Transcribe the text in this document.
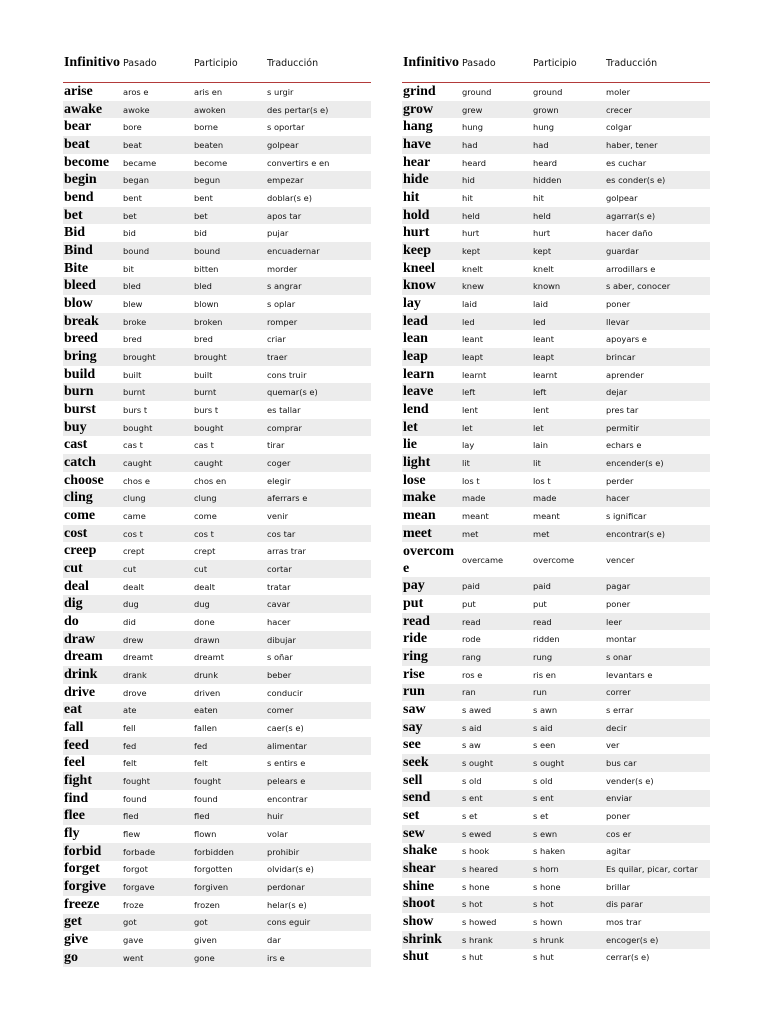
Infinitivo	Pasado	Participio	Traducción
arise	aros e	aris en	s urgir
awake	awoke	awoken	des pertar(s e)
bear	bore	borne	s oportar
beat	beat	beaten	golpear
become	became	become	convertirs e en
begin	began	begun	empezar
bend	bent	bent	doblar(s e)
bet	bet	bet	apos tar
Bid	bid	bid	pujar
Bind	bound	bound	encuadernar
Bite	bit	bitten	morder
bleed	bled	bled	s angrar
blow	blew	blown	s oplar
break	broke	broken	romper
breed	bred	bred	criar
bring	brought	brought	traer
build	built	built	cons truir
burn	burnt	burnt	quemar(s e)
burst	burs t	burs t	es tallar
buy	bought	bought	comprar
cast	cas t	cas t	tirar
catch	caught	caught	coger
choose	chos e	chos en	elegir
cling	clung	clung	aferrars e
come	came	come	venir
cost	cos t	cos t	cos tar
creep	crept	crept	arras trar
cut	cut	cut	cortar
deal	dealt	dealt	tratar
dig	dug	dug	cavar
do	did	done	hacer
draw	drew	drawn	dibujar
dream	dreamt	dreamt	s oñar
drink	drank	drunk	beber
drive	drove	driven	conducir
eat	ate	eaten	comer
fall	fell	fallen	caer(s e)
feed	fed	fed	alimentar
feel	felt	felt	s entirs e
fight	fought	fought	pelears e
find	found	found	encontrar
flee	fled	fled	huir
fly	flew	flown	volar
forbid	forbade	forbidden	prohibir
forget	forgot	forgotten	olvidar(s e)
forgive	forgave	forgiven	perdonar
freeze	froze	frozen	helar(s e)
get	got	got	cons eguir
give	gave	given	dar
go	went	gone	irs e
Infinitivo	Pasado	Participio	Traducción
grind	ground	ground	moler
grow	grew	grown	crecer
hang	hung	hung	colgar
have	had	had	haber, tener
hear	heard	heard	es cuchar
hide	hid	hidden	es conder(s e)
hit	hit	hit	golpear
hold	held	held	agarrar(s e)
hurt	hurt	hurt	hacer daño
keep	kept	kept	guardar
kneel	knelt	knelt	arrodillars e
know	knew	known	s aber, conocer
lay	laid	laid	poner
lead	led	led	llevar
lean	leant	leant	apoyars e
leap	leapt	leapt	brincar
learn	learnt	learnt	aprender
leave	left	left	dejar
lend	lent	lent	pres tar
let	let	let	permitir
lie	lay	lain	echars e
light	lit	lit	encender(s e)
lose	los t	los t	perder
make	made	made	hacer
mean	meant	meant	s ignificar
meet	met	met	encontrar(s e)
overcome	overcame	overcome	vencer
pay	paid	paid	pagar
put	put	put	poner
read	read	read	leer
ride	rode	ridden	montar
ring	rang	rung	s onar
rise	ros e	ris en	levantars e
run	ran	run	correr
saw	s awed	s awn	s errar
say	s aid	s aid	decir
see	s aw	s een	ver
seek	s ought	s ought	bus car
sell	s old	s old	vender(s e)
send	s ent	s ent	enviar
set	s et	s et	poner
sew	s ewed	s ewn	cos er
shake	s hook	s haken	agitar
shear	s heared	s horn	Es quilar, picar, cortar
shine	s hone	s hone	brillar
shoot	s hot	s hot	dis parar
show	s howed	s hown	mos trar
shrink	s hrank	s hrunk	encoger(s e)
shut	s hut	s hut	cerrar(s e)
